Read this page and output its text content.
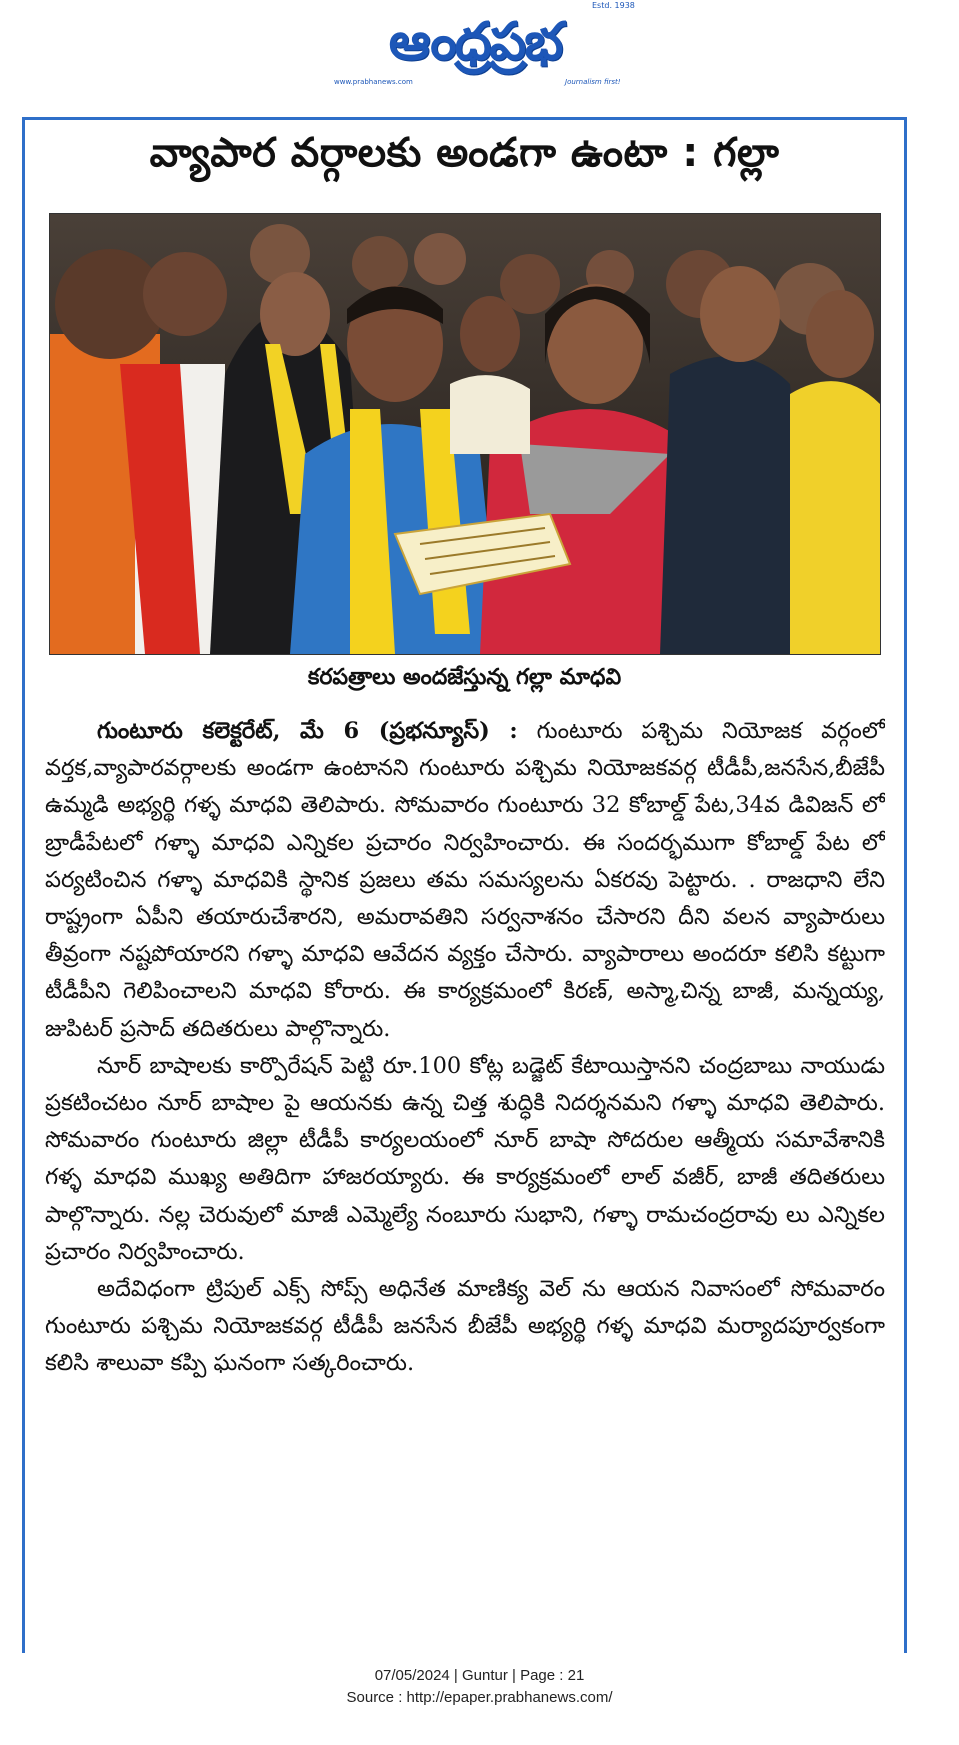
ఆంధ్రప్రభ
Estd. 1938
www.prabhanews.com	Journalism first!
వ్యాపార వర్గాలకు అండగా ఉంటా : గల్లా
కరపత్రాలు అందజేస్తున్న గల్లా మాధవి

గుంటూరు కలెక్టరేట్, మే 6 (ప్రభన్యూస్) : గుంటూరు పశ్చిమ నియోజక వర్గంలో వర్తక,వ్యాపారవర్గాలకు అండగా ఉంటానని గుంటూరు పశ్చిమ నియోజకవర్గ టీడీపీ,జనసేన,బీజేపీ ఉమ్మడి అభ్యర్థి గళ్ళ మాధవి తెలిపారు. సోమవారం గుంటూరు 32 కోబాల్డ్ పేట,34వ డివిజన్ లో బ్రాడీపేటలో గళ్ళా మాధవి ఎన్నికల ప్రచారం నిర్వహించారు. ఈ సందర్భముగా కోబాల్డ్ పేట లో పర్యటించిన గళ్ళా మాధవికి స్థానిక ప్రజలు తమ సమస్యలను ఏకరవు పెట్టారు. . రాజధాని లేని రాష్ట్రంగా ఏపీని తయారుచేశారని, అమరావతిని సర్వనాశనం చేసారని దీని వలన వ్యాపారులు తీవ్రంగా నష్టపోయారని గళ్ళా మాధవి ఆవేదన వ్యక్తం చేసారు. వ్యాపారాలు అందరూ కలిసి కట్టుగా టీడీపీని గెలిపించాలని మాధవి కోరారు. ఈ కార్యక్రమంలో కిరణ్, అస్మా,చిన్న బాజీ, మన్నయ్య, జుపిటర్ ప్రసాద్ తదితరులు పాల్గొన్నారు.

నూర్ బాషాలకు కార్పొరేషన్ పెట్టి రూ.100 కోట్ల బడ్జెట్ కేటాయిస్తానని చంద్రబాబు నాయుడు ప్రకటించటం నూర్ బాషాల పై ఆయనకు ఉన్న చిత్త శుద్ధికి నిదర్శనమని గళ్ళా మాధవి తెలిపారు. సోమవారం గుంటూరు జిల్లా టీడీపీ కార్యలయంలో నూర్ బాషా సోదరుల ఆత్మీయ సమావేశానికి గళ్ళ మాధవి ముఖ్య అతిదిగా హాజరయ్యారు. ఈ కార్యక్రమంలో లాల్ వజీర్, బాజీ తదితరులు పాల్గొన్నారు. నల్ల చెరువులో మాజీ ఎమ్మెల్యే నంబూరు సుభాని, గళ్ళా రామచంద్రరావు లు ఎన్నికల ప్రచారం నిర్వహించారు.

అదేవిధంగా ట్రిపుల్ ఎక్స్ సోప్స్ అధినేత మాణిక్య వెల్ ను ఆయన నివాసంలో సోమవారం గుంటూరు పశ్చిమ నియోజకవర్గ టీడీపీ జనసేన బీజేపీ అభ్యర్థి గళ్ళ మాధవి మర్యాదపూర్వకంగా కలిసి శాలువా కప్పి ఘనంగా సత్కరించారు.

07/05/2024 | Guntur | Page : 21
Source : http://epaper.prabhanews.com/
